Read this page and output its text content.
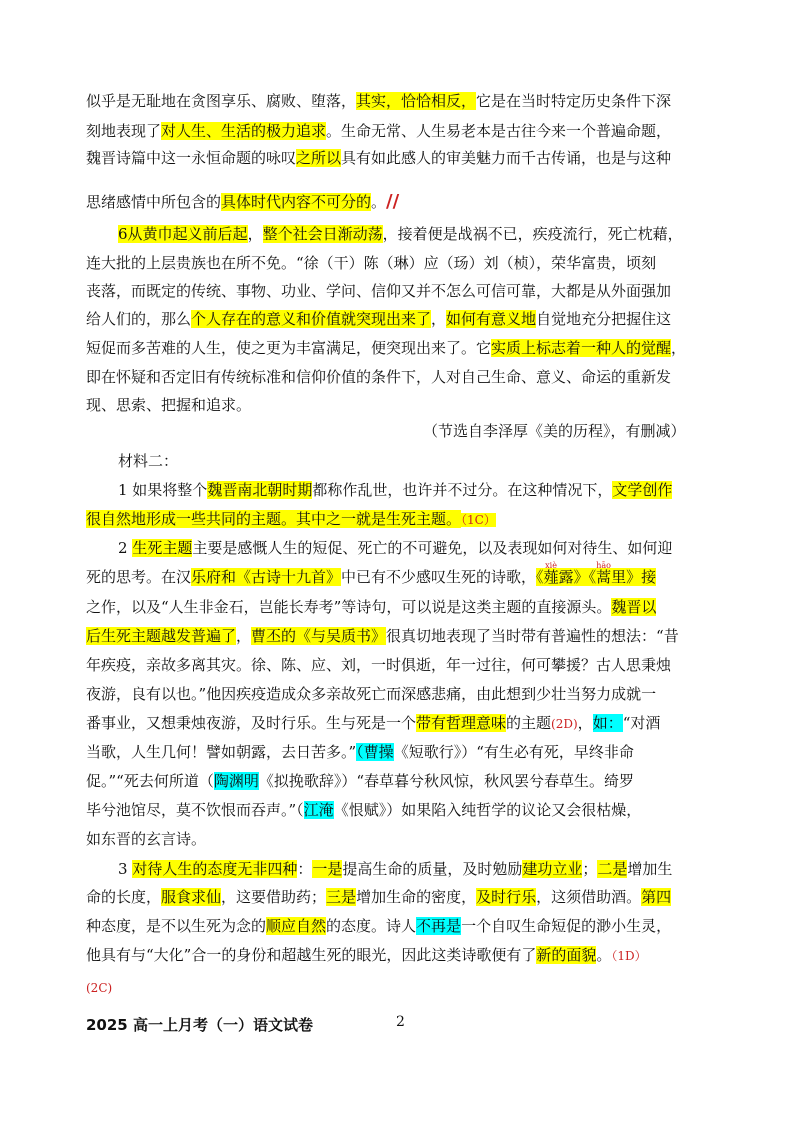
似乎是无耻地在贪图享乐、腐败、堕落，其实，恰恰相反，它是在当时特定历史条件下深
刻地表现了对人生、生活的极力追求。生命无常、人生易老本是古往今来一个普遍命题，
魏晋诗篇中这一永恒命题的咏叹之所以具有如此感人的审美魅力而千古传诵，也是与这种
思绪感情中所包含的具体时代内容不可分的。//
6从黄巾起义前后起，整个社会日渐动荡，接着便是战祸不已，疾疫流行，死亡枕藉，
连大批的上层贵族也在所不免。“徐（干）陈（琳）应（玚）刘（桢），荣华富贵，顷刻
丧落，而既定的传统、事物、功业、学问、信仰又并不怎么可信可靠，大都是从外面强加
给人们的，那么个人存在的意义和价值就突现出来了，如何有意义地自觉地充分把握住这
短促而多苦难的人生，使之更为丰富满足，便突现出来了。它实质上标志着一种人的觉醒，
即在怀疑和否定旧有传统标准和信仰价值的条件下，人对自己生命、意义、命运的重新发
现、思索、把握和追求。
（节选自李泽厚《美的历程》，有删减）
材料二：
1 如果将整个魏晋南北朝时期都称作乱世，也许并不过分。在这种情况下，文学创作
很自然地形成一些共同的主题。其中之一就是生死主题。（1C）
2 生死主题主要是感慨人生的短促、死亡的不可避免，以及表现如何对待生、如何迎
死的思考。在汉乐府和《古诗十九首》中已有不少感叹生死的诗歌，《
xiè
薤露》《
hāo
蒿里》接
之作，以及“人生非金石，岂能长寿考”等诗句，可以说是这类主题的直接源头。魏晋以
后生死主题越发普遍了，曹丕的《与吴质书》很真切地表现了当时带有普遍性的想法：“昔
年疾疫，亲故多离其灾。徐、陈、应、刘，一时俱逝，年一过往，何可攀援？古人思秉烛
夜游，良有以也。”他因疾疫造成众多亲故死亡而深感悲痛，由此想到少壮当努力成就一
番事业，又想秉烛夜游，及时行乐。生与死是一个带有哲理意味的主题(2D)，如：“对酒
当歌，人生几何！譬如朝露，去日苦多。”（曹操《短歌行》）“有生必有死，早终非命
促。”“死去何所道（陶渊明《拟挽歌辞》）“春草暮兮秋风惊，秋风罢兮春草生。绮罗
毕兮池馆尽，莫不饮恨而吞声。”（江淹《恨赋》）如果陷入纯哲学的议论又会很枯燥，
如东晋的玄言诗。
3 对待人生的态度无非四种：一是提高生命的质量，及时勉励建功立业；二是增加生
命的长度，服食求仙，这要借助药；三是增加生命的密度，及时行乐，这须借助酒。第四
种态度，是不以生死为念的顺应自然的态度。诗人不再是一个自叹生命短促的渺小生灵，
他具有与“大化”合一的身份和超越生死的眼光，因此这类诗歌便有了新的面貌。（1D）
(2C)
2025 高一上月考（一）语文试卷	2
